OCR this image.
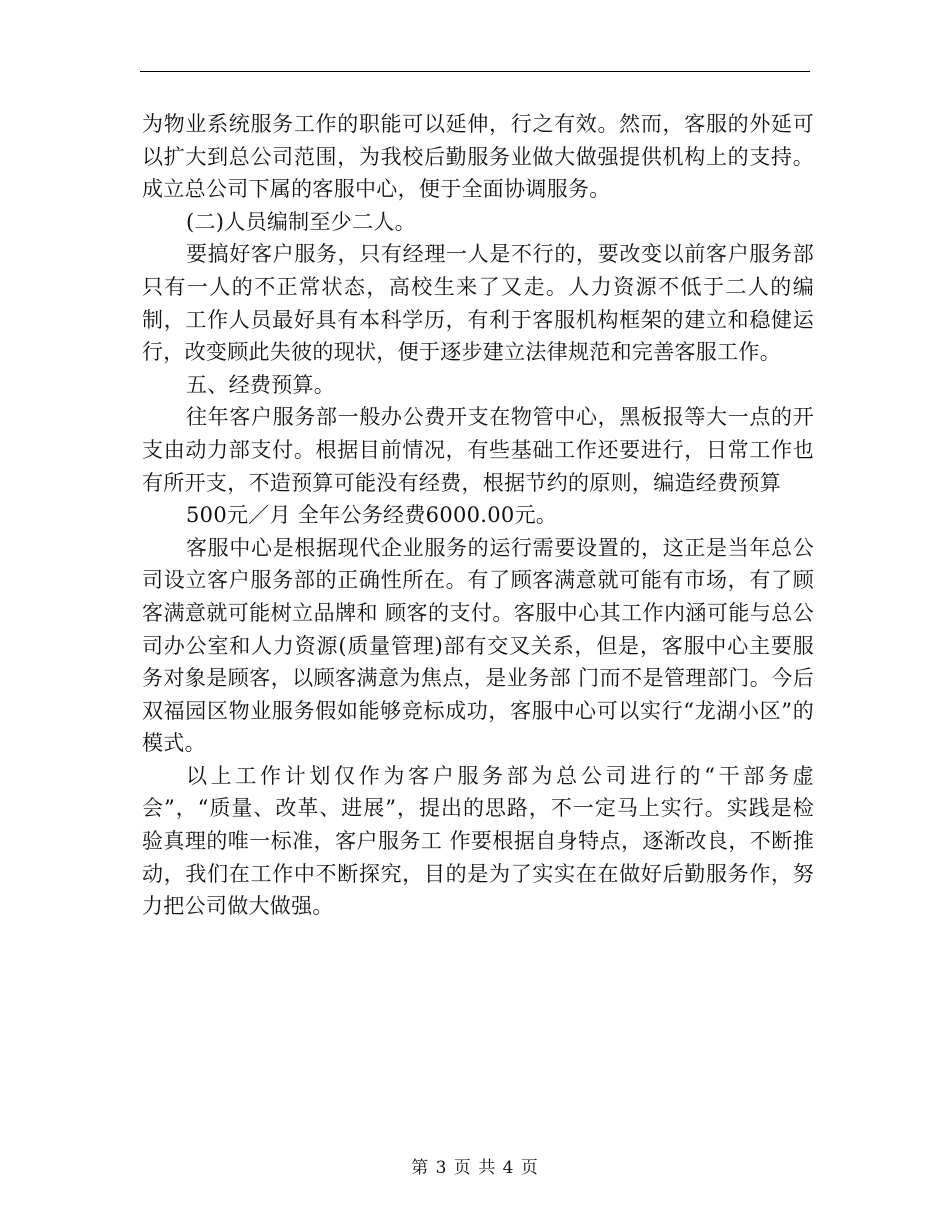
为物业系统服务工作的职能可以延伸，行之有效。然而，客服的外延可以扩大到总公司范围，为我校后勤服务业做大做强提供机构上的支持。成立总公司下属的客服中心，便于全面协调服务。

(二)人员编制至少二人。

要搞好客户服务，只有经理一人是不行的，要改变以前客户服务部只有一人的不正常状态，高校生来了又走。人力资源不低于二人的编制，工作人员最好具有本科学历，有利于客服机构框架的建立和稳健运行，改变顾此失彼的现状，便于逐步建立法律规范和完善客服工作。

五、经费预算。

往年客户服务部一般办公费开支在物管中心，黑板报等大一点的开支由动力部支付。根据目前情况，有些基础工作还要进行，日常工作也有所开支，不造预算可能没有经费，根据节约的原则，编造经费预算

500元／月 全年公务经费6000.00元。

客服中心是根据现代企业服务的运行需要设置的，这正是当年总公司设立客户服务部的正确性所在。有了顾客满意就可能有市场，有了顾客满意就可能树立品牌和 顾客的支付。客服中心其工作内涵可能与总公司办公室和人力资源(质量管理)部有交叉关系，但是，客服中心主要服务对象是顾客，以顾客满意为焦点，是业务部 门而不是管理部门。今后双福园区物业服务假如能够竞标成功，客服中心可以实行“龙湖小区”的模式。

以上工作计划仅作为客户服务部为总公司进行的“干部务虚会”，“质量、改革、进展”，提出的思路，不一定马上实行。实践是检验真理的唯一标准，客户服务工 作要根据自身特点，逐渐改良，不断推动，我们在工作中不断探究，目的是为了实实在在做好后勤服务作，努力把公司做大做强。

第 3 页 共 4 页
